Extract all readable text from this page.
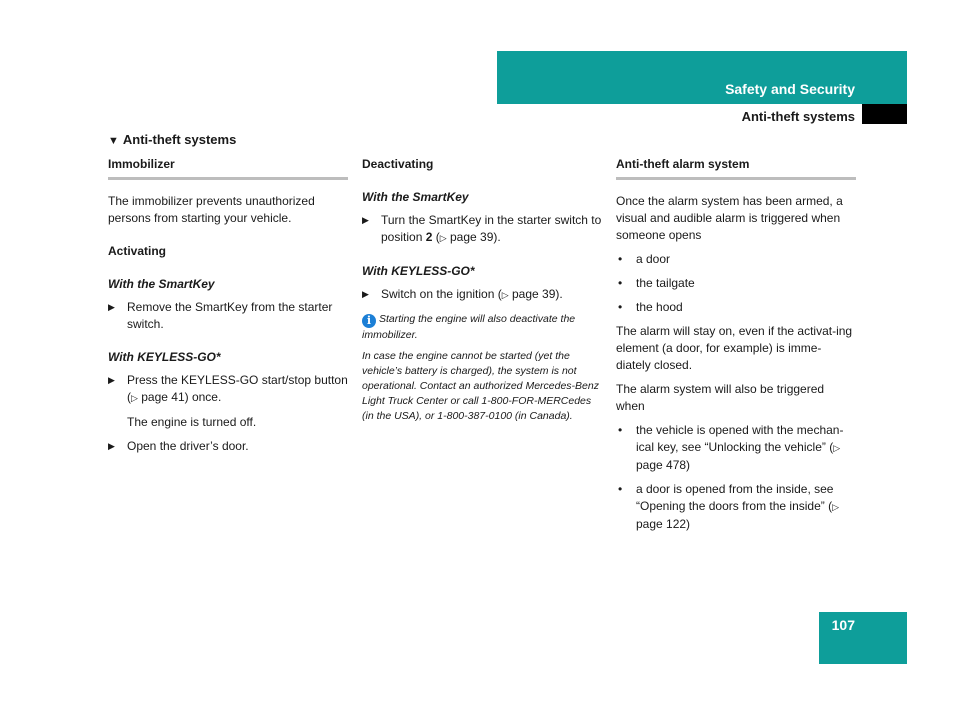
Safety and Security
Anti-theft systems
▼ Anti-theft systems
Immobilizer

The immobilizer prevents unauthorized persons from starting your vehicle.

Activating
With the SmartKey
▶ Remove the SmartKey from the starter switch.
With KEYLESS-GO*
▶ Press the KEYLESS-GO start/stop button (▷ page 41) once.
The engine is turned off.
▶ Open the driver’s door.
Deactivating
With the SmartKey
▶ Turn the SmartKey in the starter switch to position 2 (▷ page 39).
With KEYLESS-GO*
▶ Switch on the ignition (▷ page 39).
i Starting the engine will also deactivate the immobilizer.
In case the engine cannot be started (yet the vehicle’s battery is charged), the system is not operational. Contact an authorized Mercedes-Benz Light Truck Center or call 1-800-FOR-MERCedes (in the USA), or 1-800-387-0100 (in Canada).
Anti-theft alarm system

Once the alarm system has been armed, a visual and audible alarm is triggered when someone opens

• a door
• the tailgate
• the hood

The alarm will stay on, even if the activat-ing element (a door, for example) is imme-diately closed.

The alarm system will also be triggered when

• the vehicle is opened with the mechan-ical key, see “Unlocking the vehicle” (▷ page 478)
• a door is opened from the inside, see “Opening the doors from the inside” (▷ page 122)
107
